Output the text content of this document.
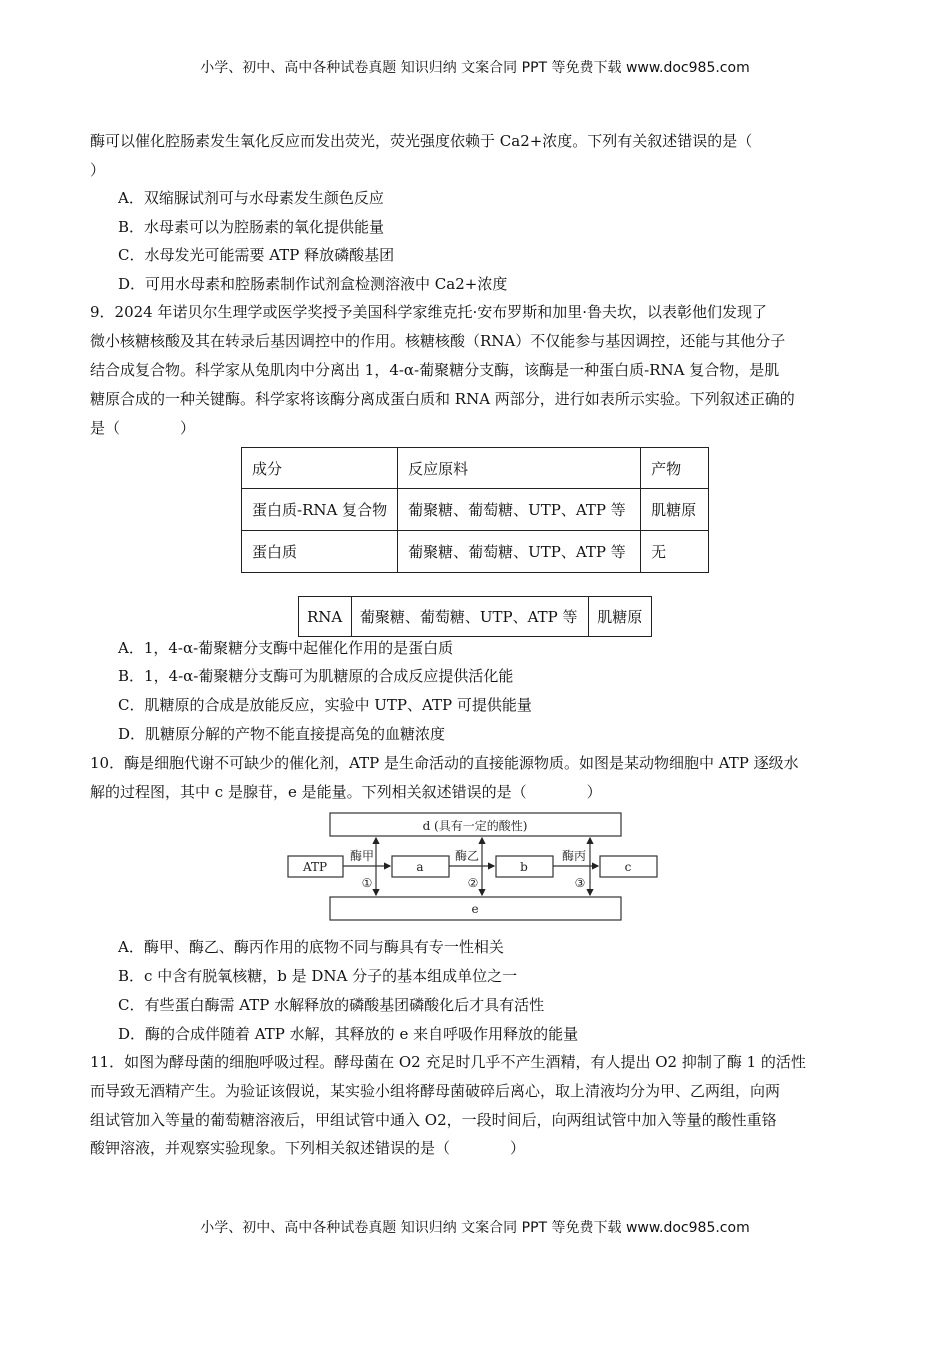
小学、初中、高中各种试卷真题 知识归纳 文案合同 PPT 等免费下载 www.doc985.com
酶可以催化腔肠素发生氧化反应而发出荧光，荧光强度依赖于 Ca2+浓度。下列有关叙述错误的是（
）
A．双缩脲试剂可与水母素发生颜色反应
B．水母素可以为腔肠素的氧化提供能量
C．水母发光可能需要 ATP 释放磷酸基团
D．可用水母素和腔肠素制作试剂盒检测溶液中 Ca2+浓度
9．2024 年诺贝尔生理学或医学奖授予美国科学家维克托·安布罗斯和加里·鲁夫坎，以表彰他们发现了
微小核糖核酸及其在转录后基因调控中的作用。核糖核酸（RNA）不仅能参与基因调控，还能与其他分子
结合成复合物。科学家从兔肌肉中分离出 1，4-α-葡聚糖分支酶，该酶是一种蛋白质-RNA 复合物，是肌
糖原合成的一种关键酶。科学家将该酶分离成蛋白质和 RNA 两部分，进行如表所示实验。下列叙述正确的
是（　　　　）
成分	反应原料	产物
蛋白质-RNA 复合物	葡聚糖、葡萄糖、UTP、ATP 等	肌糖原
蛋白质	葡聚糖、葡萄糖、UTP、ATP 等	无
RNA	葡聚糖、葡萄糖、UTP、ATP 等	肌糖原
A．1，4-α-葡聚糖分支酶中起催化作用的是蛋白质
B．1，4-α-葡聚糖分支酶可为肌糖原的合成反应提供活化能
C．肌糖原的合成是放能反应，实验中 UTP、ATP 可提供能量
D．肌糖原分解的产物不能直接提高兔的血糖浓度
10．酶是细胞代谢不可缺少的催化剂，ATP 是生命活动的直接能源物质。如图是某动物细胞中 ATP 逐级水
解的过程图，其中 c 是腺苷，e 是能量。下列相关叙述错误的是（　　　　）
d (具有一定的酸性)
e
ATP	a	b	c
酶甲	酶乙	酶丙
①	②	③
A．酶甲、酶乙、酶丙作用的底物不同与酶具有专一性相关
B．c 中含有脱氧核糖，b 是 DNA 分子的基本组成单位之一
C．有些蛋白酶需 ATP 水解释放的磷酸基团磷酸化后才具有活性
D．酶的合成伴随着 ATP 水解，其释放的 e 来自呼吸作用释放的能量
11．如图为酵母菌的细胞呼吸过程。酵母菌在 O2 充足时几乎不产生酒精，有人提出 O2 抑制了酶 1 的活性
而导致无酒精产生。为验证该假说，某实验小组将酵母菌破碎后离心，取上清液均分为甲、乙两组，向两
组试管加入等量的葡萄糖溶液后，甲组试管中通入 O2，一段时间后，向两组试管中加入等量的酸性重铬
酸钾溶液，并观察实验现象。下列相关叙述错误的是（　　　　）
小学、初中、高中各种试卷真题 知识归纳 文案合同 PPT 等免费下载 www.doc985.com
